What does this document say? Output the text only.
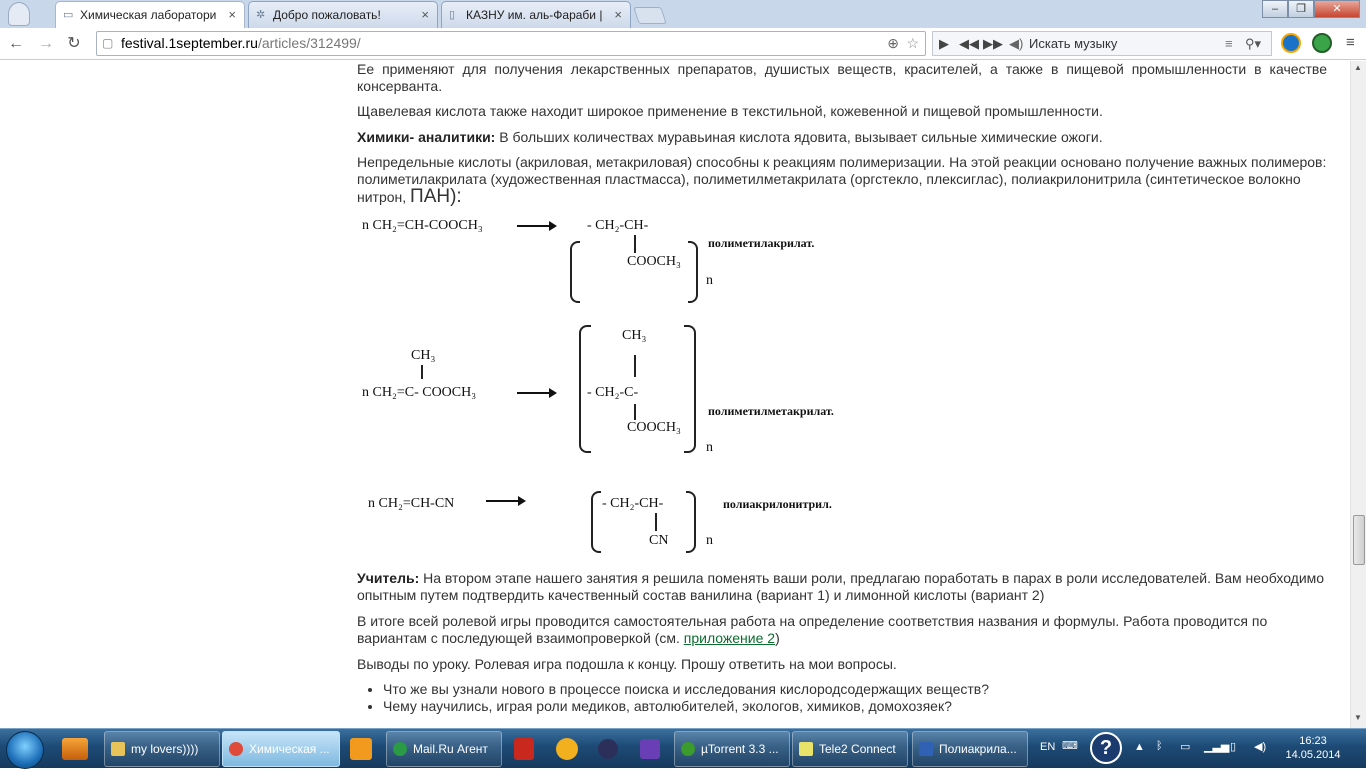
▭ Химическая лаборатори × ✲ Добро пожаловать!	× ▯ КАЗНУ им. аль-Фараби | ×	–	❐	✕
← → ↻	▢ festival.1september.ru/articles/312499/	⊕ ☆ ▶ ◀◀ ▶▶ ◀) Искать музыку	≡ ⚲▾	≡

Ее применяют для получения лекарственных препаратов, душистых веществ, красителей, а также в пищевой промышленности в качестве консерванта.

Щавелевая кислота также находит широкое применение в текстильной, кожевенной и пищевой промышленности.

Химики- аналитики: В больших количествах муравьиная кислота ядовита, вызывает сильные химические ожоги.

Непредельные кислоты (акриловая, метакриловая) способны к реакциям полимеризации. На этой реакции основано получение важных полимеров: полиметилакрилата (художественная пластмасса), полиметилметакрилата (оргстекло, плексиглас), полиакрилонитрила (синтетическое волокно нитрон, ПАН):

n CH₂=CH-COOCH₃	- CH₂-CH-
COOCH₃
n
полиметилакрилат.
CH₃
n CH₂=C- COOCH₃
CH₃
- CH₂-C-
COOCH₃
n
полиметилметакрилат.
n CH₂=CH-CN	- CH₂-CH-
CN	n
полиакрилонитрил.

Учитель: На втором этапе нашего занятия я решила поменять ваши роли, предлагаю поработать в парах в роли исследователей. Вам необходимо опытным путем подтвердить качественный состав ванилина (вариант 1) и лимонной кислоты (вариант 2)

В итоге всей ролевой игры проводится самостоятельная работа на определение соответствия названия и формулы. Работа проводится по вариантам с последующей взаимопроверкой (см. приложение 2)

Выводы по уроку. Ролевая игра подошла к концу. Прошу ответить на мои вопросы.

• Что же вы узнали нового в процессе поиска и исследования кислородсодержащих веществ?
• Чему научились, играя роли медиков, автолюбителей, экологов, химиков, домохозяек?
▲
▼
my lovers))))	Химическая ...	Mail.Ru Агент	µTorrent 3.3 ...	Tele2 Connect	Полиакрила...	EN ⌨	?	▲ ᛒ ▭ ▁▃▅ ▯ ◀)	16:23
14.05.2014
